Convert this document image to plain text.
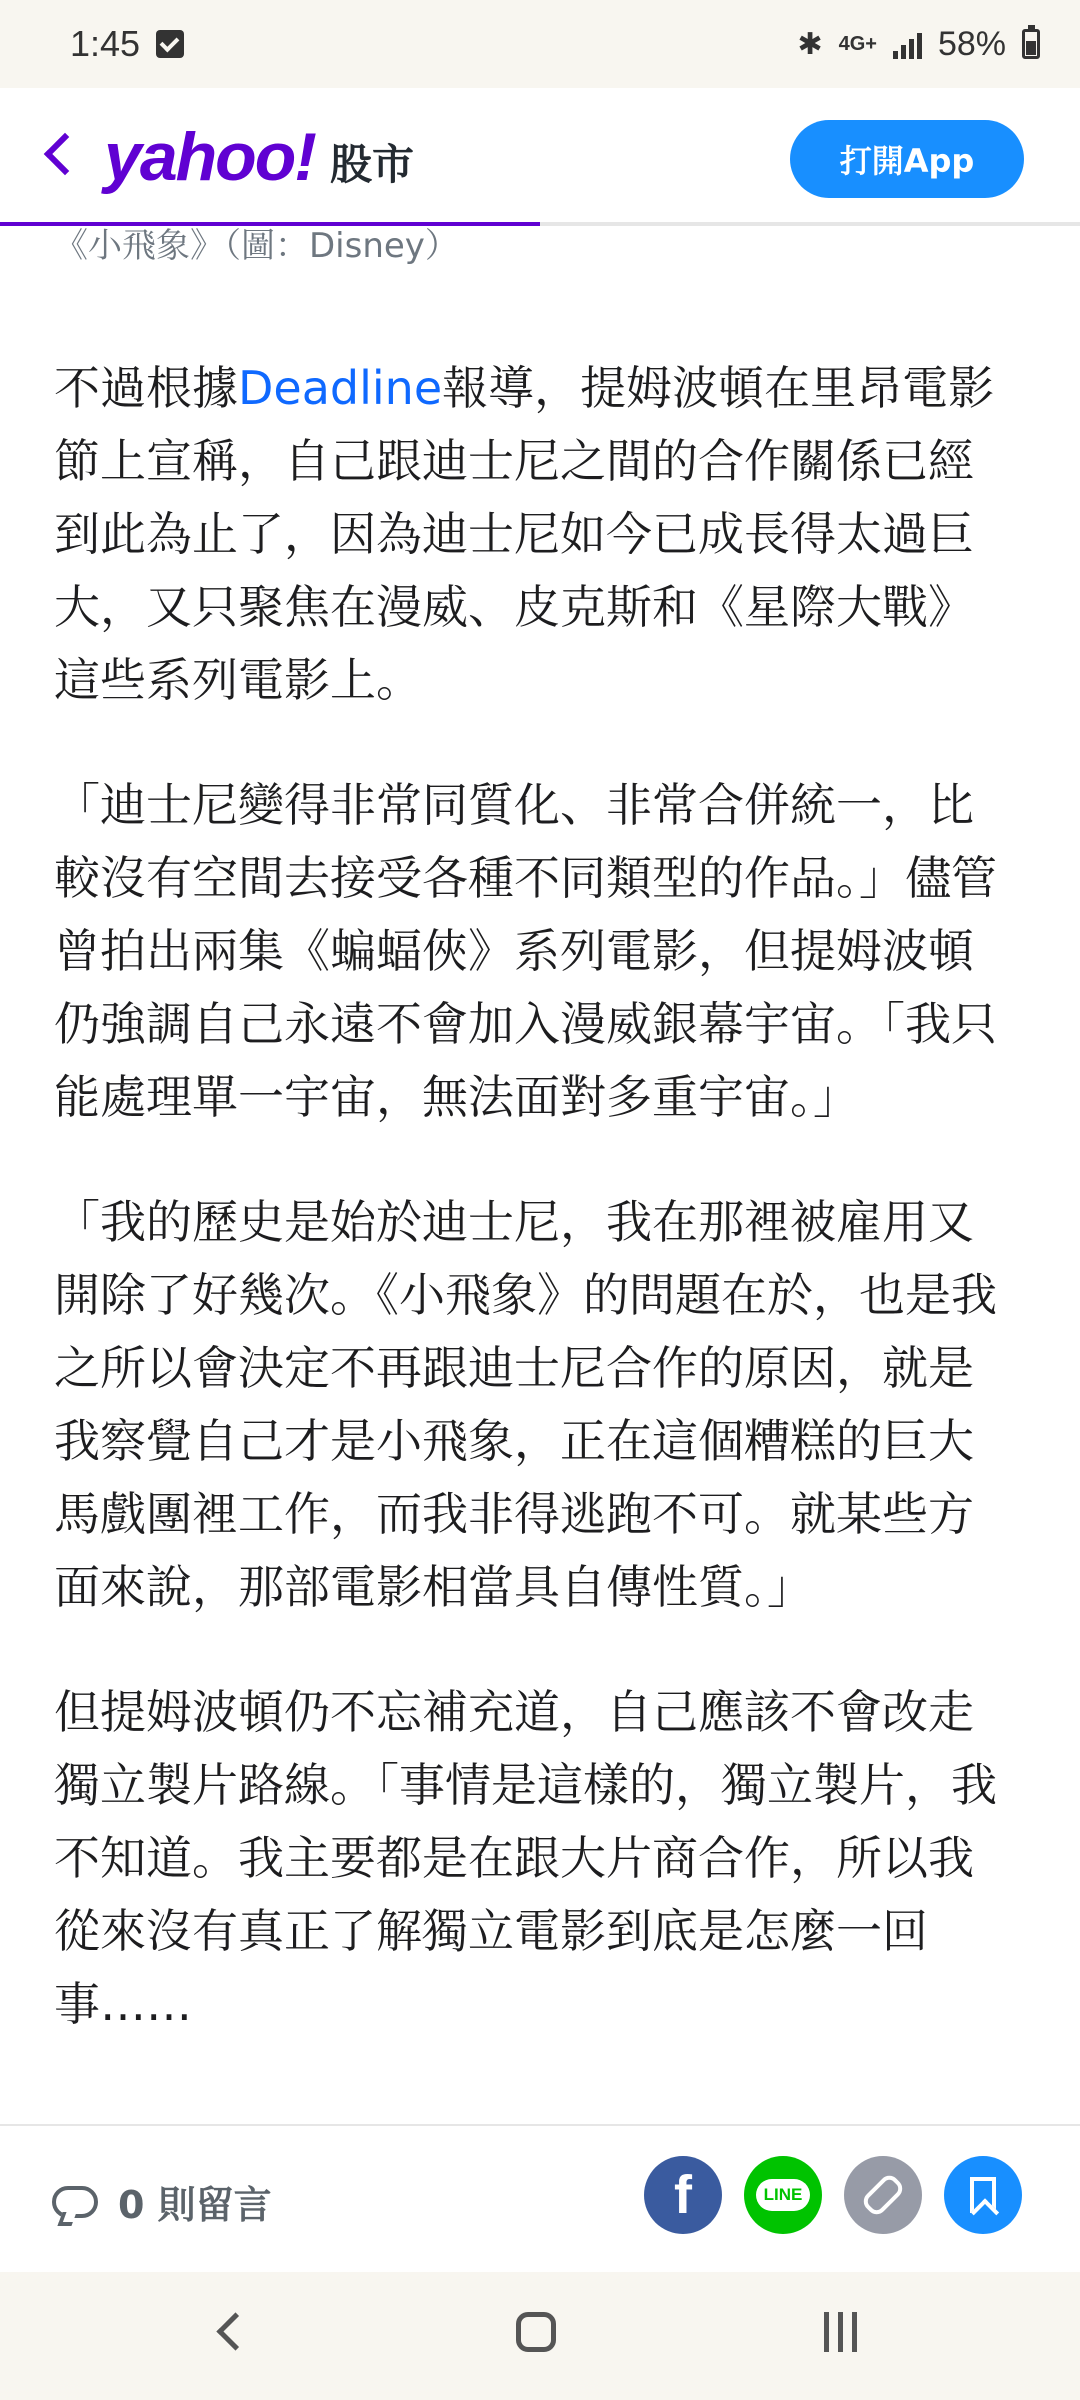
1:45	✱ 4G+ 58%
yahoo! 股市	打開App
《小飛象》（圖：Disney）

不過根據Deadline報導，提姆波頓在里昂電影節上宣稱，自己跟迪士尼之間的合作關係已經到此為止了，因為迪士尼如今已成長得太過巨大，又只聚焦在漫威、皮克斯和《星際大戰》這些系列電影上。

「迪士尼變得非常同質化、非常合併統一，比較沒有空間去接受各種不同類型的作品。」儘管曾拍出兩集《蝙蝠俠》系列電影，但提姆波頓仍強調自己永遠不會加入漫威銀幕宇宙。「我只能處理單一宇宙，無法面對多重宇宙。」

「我的歷史是始於迪士尼，我在那裡被雇用又開除了好幾次。《小飛象》的問題在於，也是我之所以會決定不再跟迪士尼合作的原因，就是我察覺自己才是小飛象，正在這個糟糕的巨大馬戲團裡工作，而我非得逃跑不可。就某些方面來說，那部電影相當具自傳性質。」

但提姆波頓仍不忘補充道，自己應該不會改走獨立製片路線。「事情是這樣的，獨立製片，我不知道。我主要都是在跟大片商合作，所以我從來沒有真正了解獨立電影到底是怎麼一回事……

0 則留言	f	LINE
